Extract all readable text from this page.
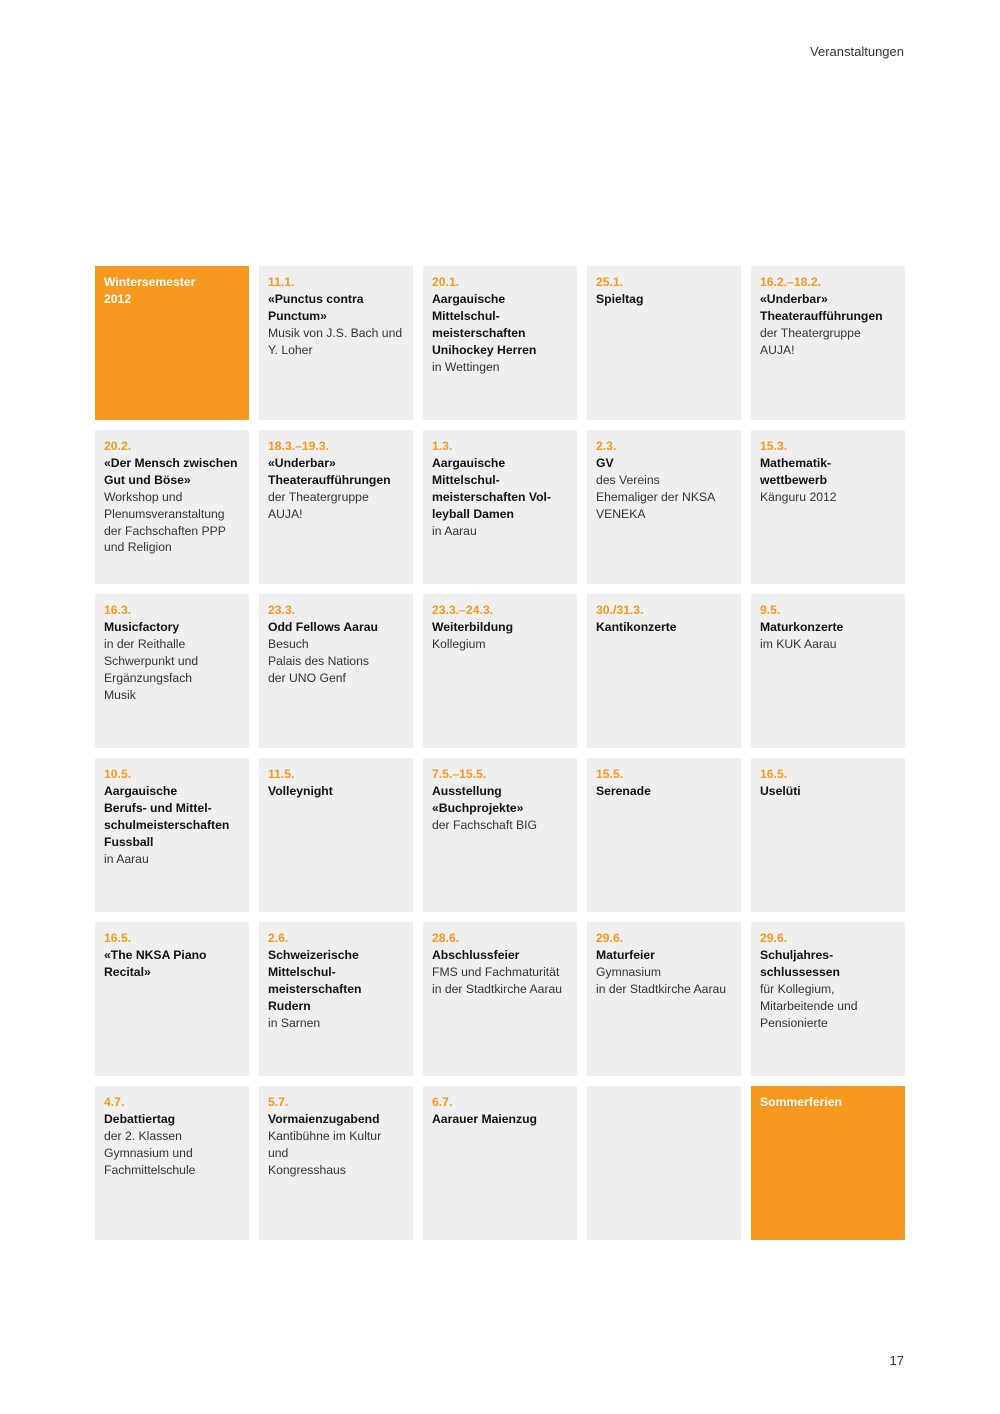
Veranstaltungen
Wintersemester
2012
11.1.
«Punctus contra
Punctum»
Musik von J.S. Bach und
Y. Loher
20.1.
Aargauische
Mittelschul-
meisterschaften
Unihockey Herren
in Wettingen
25.1.
Spieltag
16.2.–18.2.
«Underbar»
Theateraufführungen
der Theatergruppe
AUJA!
20.2.
«Der Mensch zwischen
Gut und Böse»
Workshop und
Plenumsveranstaltung
der Fachschaften PPP
und Religion
18.3.–19.3.
«Underbar»
Theateraufführungen
der Theatergruppe
AUJA!
1.3.
Aargauische
Mittelschul-
meisterschaften Vol-
leyball Damen
in Aarau
2.3.
GV
des Vereins
Ehemaliger der NKSA
VENEKA
15.3.
Mathematik-
wettbewerb
Känguru 2012
16.3.
Musicfactory
in der Reithalle
Schwerpunkt und
Ergänzungsfach
Musik
23.3.
Odd Fellows Aarau
Besuch
Palais des Nations
der UNO Genf
23.3.–24.3.
Weiterbildung
Kollegium
30./31.3.
Kantikonzerte
9.5.
Maturkonzerte
im KUK Aarau
10.5.
Aargauische
Berufs- und Mittel-
schulmeisterschaften
Fussball
in Aarau
11.5.
Volleynight
7.5.–15.5.
Ausstellung
«Buchprojekte»
der Fachschaft BIG
15.5.
Serenade
16.5.
Uselüti
16.5.
«The NKSA Piano
Recital»
2.6.
Schweizerische
Mittelschul-
meisterschaften
Rudern
in Sarnen
28.6.
Abschlussfeier
FMS und Fachmaturität
in der Stadtkirche Aarau
29.6.
Maturfeier
Gymnasium
in der Stadtkirche Aarau
29.6.
Schuljahres-
schlussessen
für Kollegium,
Mitarbeitende und
Pensionierte
4.7.
Debattiertag
der 2. Klassen
Gymnasium und
Fachmittelschule
5.7.
Vormaienzugabend
Kantibühne im Kultur und
Kongresshaus
6.7.
Aarauer Maienzug
Sommerferien
17
